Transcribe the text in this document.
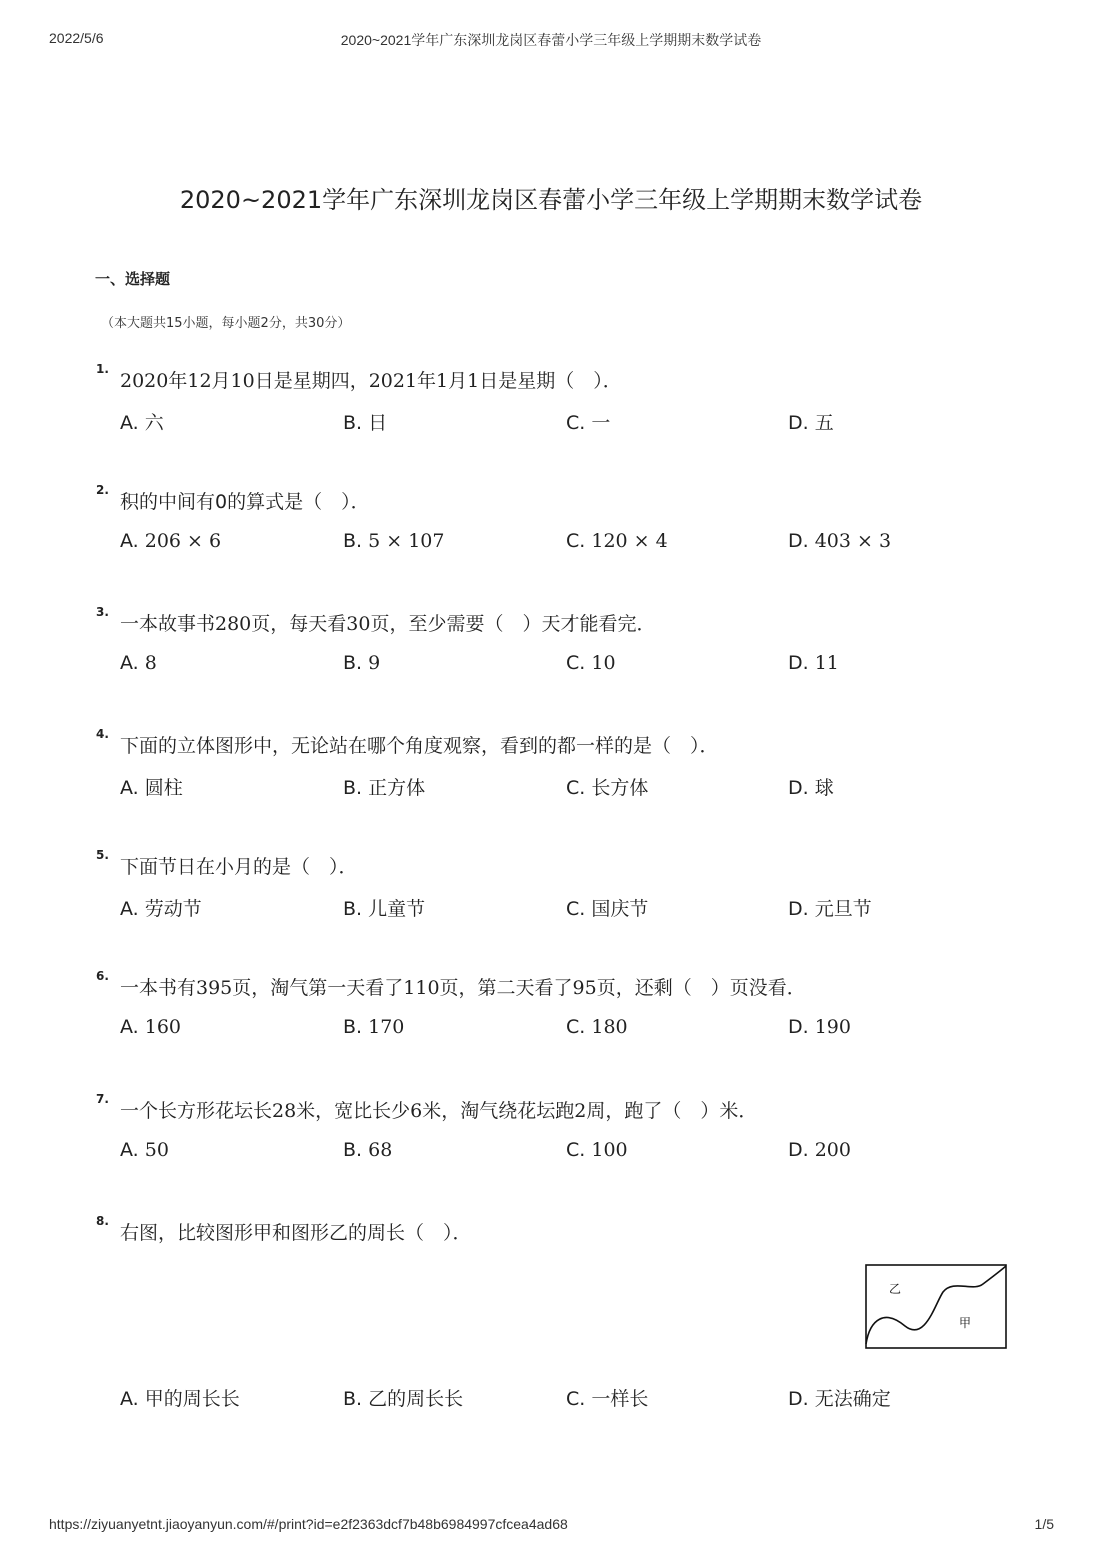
2022/5/6	2020~2021学年广东深圳龙岗区春蕾小学三年级上学期期末数学试卷
2020~2021学年广东深圳龙岗区春蕾小学三年级上学期期末数学试卷
一、选择题
（本大题共15小题，每小题2分，共30分）
1.
2020年12月10日是星期四，2021年1月1日是星期（　）．
A. 六	B. 日	C. 一	D. 五
2.
积的中间有0的算式是（　）．
A. 206 × 6	B. 5 × 107	C. 120 × 4	D. 403 × 3
3.
一本故事书280页，每天看30页，至少需要（　）天才能看完．
A. 8	B. 9	C. 10	D. 11
4.
下面的立体图形中，无论站在哪个角度观察，看到的都一样的是（　）．
A. 圆柱	B. 正方体	C. 长方体	D. 球
5.
下面节日在小月的是（　）．
A. 劳动节	B. 儿童节	C. 国庆节	D. 元旦节
6.
一本书有395页，淘气第一天看了110页，第二天看了95页，还剩（　）页没看．
A. 160	B. 170	C. 180	D. 190
7.
一个长方形花坛长28米，宽比长少6米，淘气绕花坛跑2周，跑了（　）米．
A. 50	B. 68	C. 100	D. 200
8.
右图，比较图形甲和图形乙的周长（　）．
A. 甲的周长长	B. 乙的周长长	C. 一样长	D. 无法确定
乙
甲
https://ziyuanyetnt.jiaoyanyun.com/#/print?id=e2f2363dcf7b48b6984997cfcea4ad68	1/5
